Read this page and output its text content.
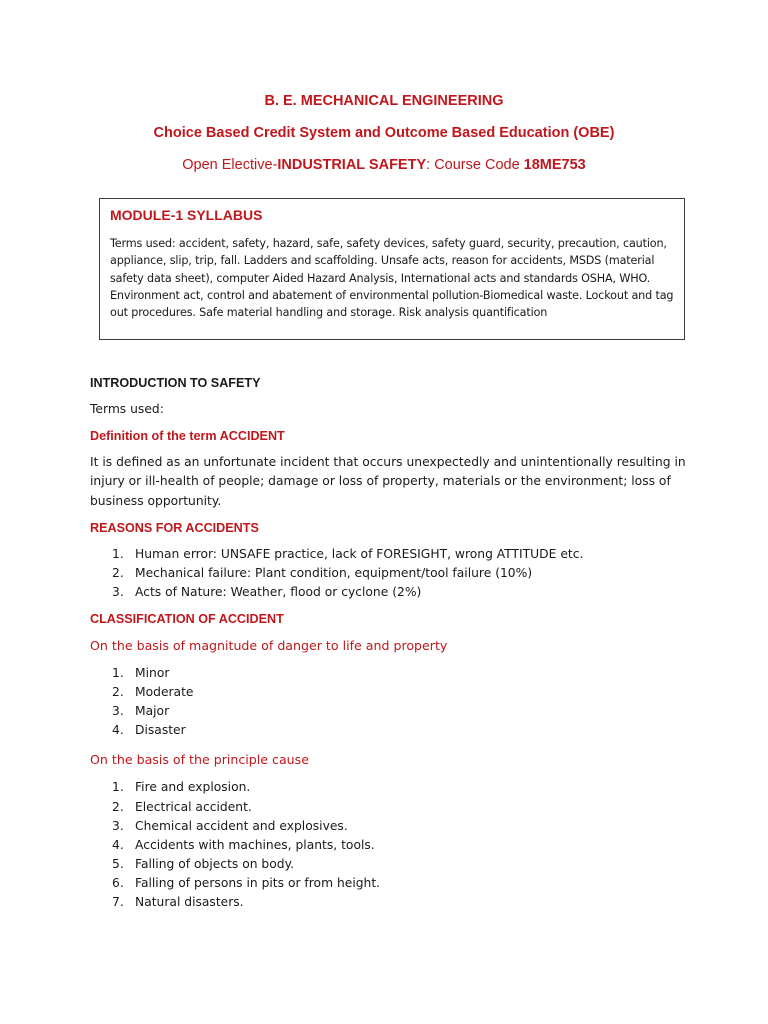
B. E. MECHANICAL ENGINEERING
Choice Based Credit System and Outcome Based Education (OBE)
Open Elective-INDUSTRIAL SAFETY: Course Code 18ME753
MODULE-1 SYLLABUS
Terms used: accident, safety, hazard, safe, safety devices, safety guard, security, precaution, caution, appliance, slip, trip, fall. Ladders and scaffolding. Unsafe acts, reason for accidents, MSDS (material safety data sheet), computer Aided Hazard Analysis, International acts and standards OSHA, WHO. Environment act, control and abatement of environmental pollution-Biomedical waste. Lockout and tag out procedures. Safe material handling and storage. Risk analysis quantification
INTRODUCTION TO SAFETY
Terms used:
Definition of the term ACCIDENT
It is defined as an unfortunate incident that occurs unexpectedly and unintentionally resulting in injury or ill-health of people; damage or loss of property, materials or the environment; loss of business opportunity.
REASONS FOR ACCIDENTS
1. Human error: UNSAFE practice, lack of FORESIGHT, wrong ATTITUDE etc.
2. Mechanical failure: Plant condition, equipment/tool failure (10%)
3. Acts of Nature: Weather, flood or cyclone (2%)
CLASSIFICATION OF ACCIDENT
On the basis of magnitude of danger to life and property
1. Minor
2. Moderate
3. Major
4. Disaster
On the basis of the principle cause
1. Fire and explosion.
2. Electrical accident.
3. Chemical accident and explosives.
4. Accidents with machines, plants, tools.
5. Falling of objects on body.
6. Falling of persons in pits or from height.
7. Natural disasters.
